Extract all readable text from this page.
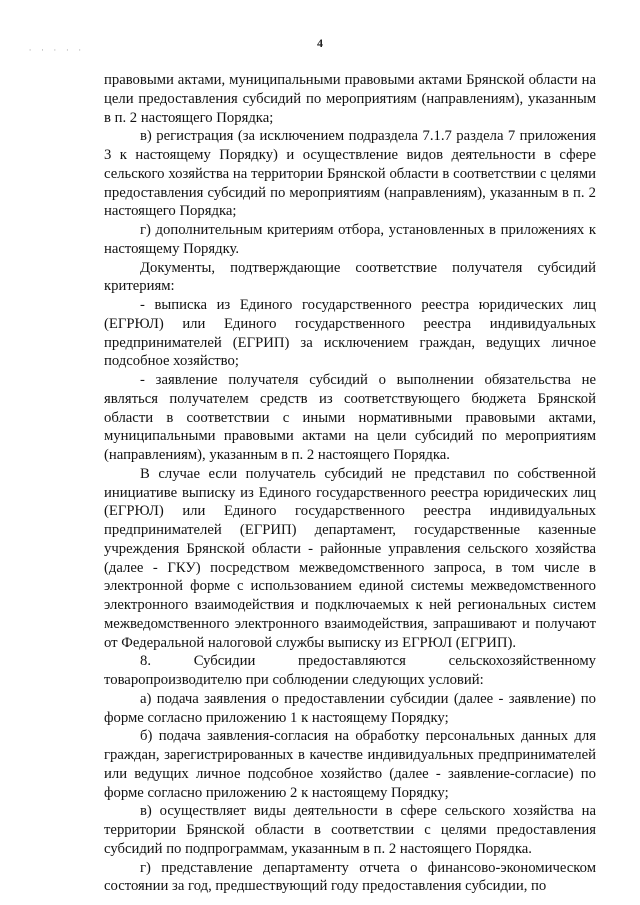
· · · · ·
4

правовыми актами, муниципальными правовыми актами Брянской области на цели предоставления субсидий по мероприятиям (направлениям), указанным в п. 2 настоящего Порядка;

в) регистрация (за исключением подраздела 7.1.7 раздела 7 приложения 3 к настоящему Порядку) и осуществление видов деятельности в сфере сельского хозяйства на территории Брянской области в соответствии с целями предоставления субсидий по мероприятиям (направлениям), указанным в п. 2 настоящего Порядка;

г) дополнительным критериям отбора, установленных в приложениях к настоящему Порядку.

Документы, подтверждающие соответствие получателя субсидий критериям:

- выписка из Единого государственного реестра юридических лиц (ЕГРЮЛ) или Единого государственного реестра индивидуальных предпринимателей (ЕГРИП) за исключением граждан, ведущих личное подсобное хозяйство;

- заявление получателя субсидий о выполнении обязательства не являться получателем средств из соответствующего бюджета Брянской области в соответствии с иными нормативными правовыми актами, муниципальными правовыми актами на цели субсидий по мероприятиям (направлениям), указанным в п. 2 настоящего Порядка.

В случае если получатель субсидий не представил по собственной инициативе выписку из Единого государственного реестра юридических лиц (ЕГРЮЛ) или Единого государственного реестра индивидуальных предпринимателей (ЕГРИП) департамент, государственные казенные учреждения Брянской области - районные управления сельского хозяйства (далее - ГКУ) посредством межведомственного запроса, в том числе в электронной форме с использованием единой системы межведомственного электронного взаимодействия и подключаемых к ней региональных систем межведомственного электронного взаимодействия, запрашивают и получают от Федеральной налоговой службы выписку из ЕГРЮЛ (ЕГРИП).

8. Субсидии предоставляются сельскохозяйственному товаропроизводителю при соблюдении следующих условий:

а) подача заявления о предоставлении субсидии (далее - заявление) по форме согласно приложению 1 к настоящему Порядку;

б) подача заявления-согласия на обработку персональных данных для граждан, зарегистрированных в качестве индивидуальных предпринимателей или ведущих личное подсобное хозяйство (далее - заявление-согласие) по форме согласно приложению 2 к настоящему Порядку;

в) осуществляет виды деятельности в сфере сельского хозяйства на территории Брянской области в соответствии с целями предоставления субсидий по подпрограммам, указанным в п. 2 настоящего Порядка.

г) представление департаменту отчета о финансово-экономическом состоянии за год, предшествующий году предоставления субсидии, по
